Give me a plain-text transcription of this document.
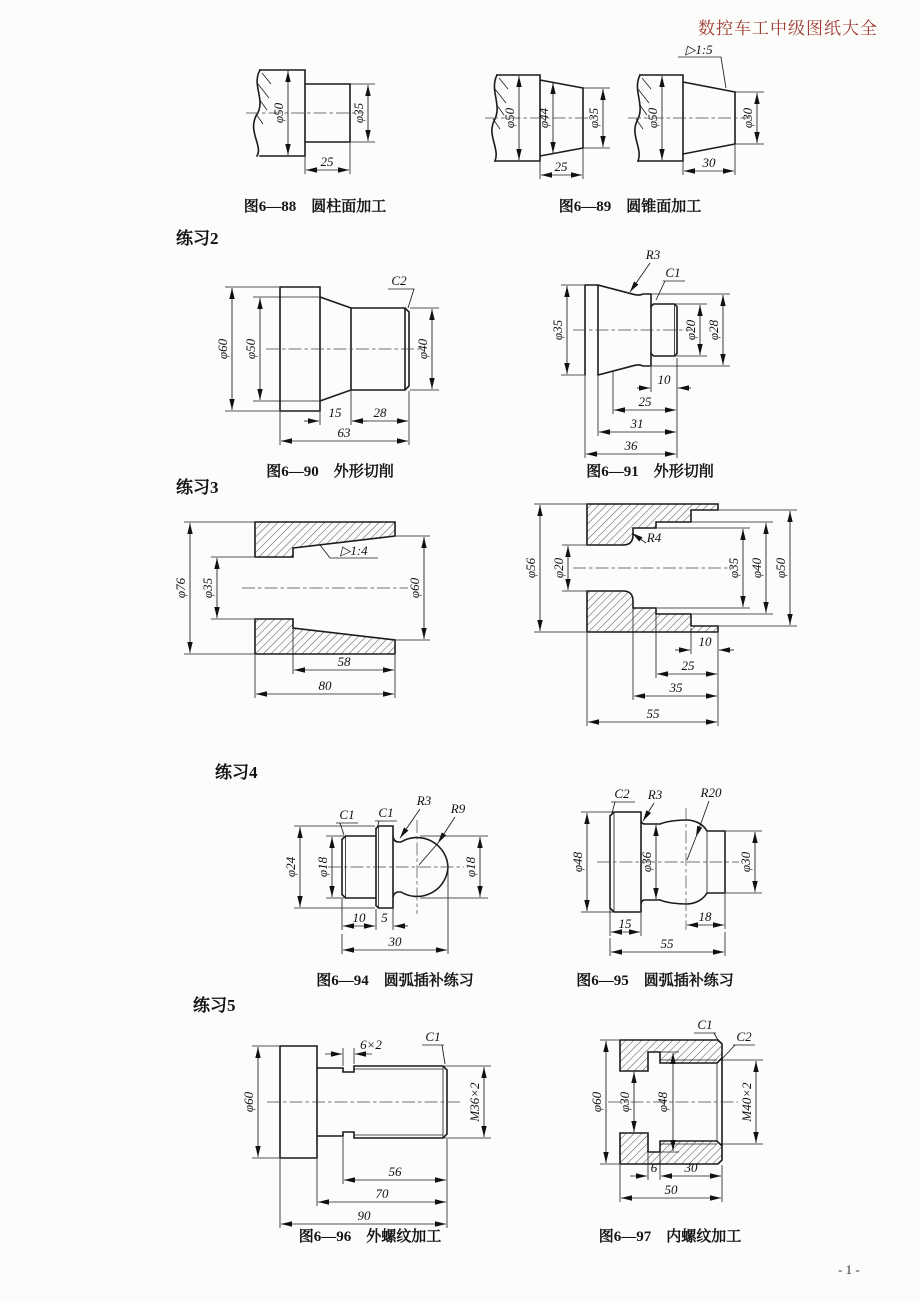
数控车工中级图纸大全
φ50	φ35
25
图6—88　圆柱面加工
φ50 φ44	φ35
25
▷1:5
φ50	φ30
30
图6—89　圆锥面加工
练习2
C2
φ60 φ50	φ40
15 28
63
图6—90　外形切削
R3
C1
φ35	φ20 φ28
10
25
31
36
图6—91　外形切削
练习3
▷1:4
φ76 φ35	φ60
58
80
R4
φ56 φ20	φ35 φ40 φ50
10
25
35
55
练习4
C1 C1
R3
R9
φ24 φ18	φ18
10 5
30
图6—94　圆弧插补练习
C2 R3	R20
φ48	φ36	φ30
18
15
55
图6—95　圆弧插补练习
练习5
6×2
C1
φ60	M36×2
56
70
90
图6—96　外螺纹加工
C1
C2
φ60 φ30 φ48	M40×2
6 30
50
图6—97　内螺纹加工
- 1 -
